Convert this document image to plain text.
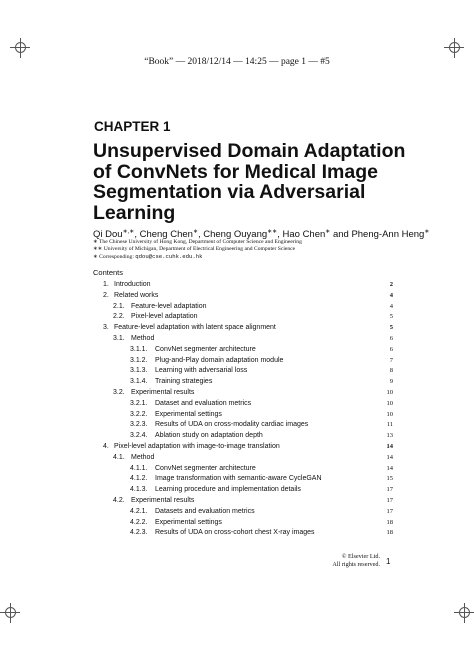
“Book” — 2018/12/14 — 14:25 — page 1 — #5
CHAPTER 1
Unsupervised Domain Adaptation
of ConvNets for Medical Image
Segmentation via Adversarial
Learning
Qi Dou∗,∗, Cheng Chen∗, Cheng Ouyang∗∗, Hao Chen∗ and Pheng-Ann Heng∗
∗ The Chinese University of Hong Kong, Department of Computer Science and Engineering
∗∗ University of Michigan, Department of Electrical Engineering and Computer Science
∗ Corresponding: qdou@cse.cuhk.edu.hk
Contents
1. Introduction	2
2. Related works	4
2.1. Feature-level adaptation	4
2.2. Pixel-level adaptation	5
3. Feature-level adaptation with latent space alignment	5
3.1. Method	6
3.1.1. ConvNet segmenter architecture	6
3.1.2. Plug-and-Play domain adaptation module	7
3.1.3. Learning with adversarial loss	8
3.1.4. Training strategies	9
3.2. Experimental results	10
3.2.1. Dataset and evaluation metrics	10
3.2.2. Experimental settings	10
3.2.3. Results of UDA on cross-modality cardiac images	11
3.2.4. Ablation study on adaptation depth	13
4. Pixel-level adaptation with image-to-image translation	14
4.1. Method	14
4.1.1. ConvNet segmenter architecture	14
4.1.2. Image transformation with semantic-aware CycleGAN	15
4.1.3. Learning procedure and implementation details	17
4.2. Experimental results	17
4.2.1. Datasets and evaluation metrics	17
4.2.2. Experimental settings	18
4.2.3. Results of UDA on cross-cohort chest X-ray images	18
© Elsevier Ltd.
All rights reserved. 1
